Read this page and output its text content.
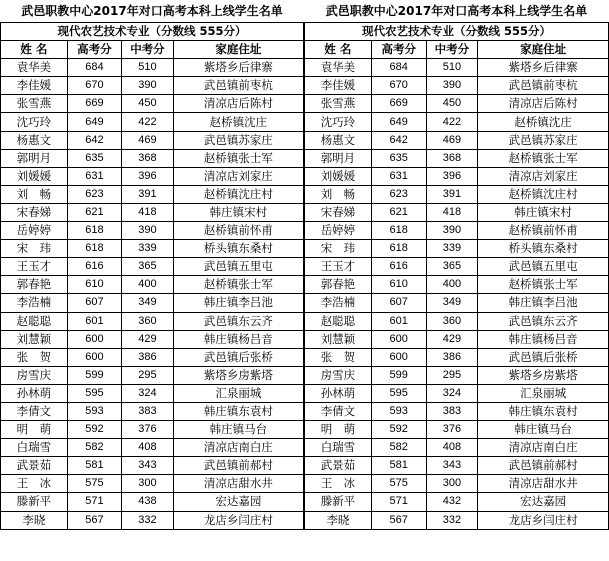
武邑职教中心2017年对口高考本科上线学生名单
现代农艺技术专业（分数线 555分）			
姓 名	高考分	中考分	家庭住址
袁华美	684	510	紫塔乡后律寨
李佳媛	670	390	武邑镇前枣杭
张雪燕	669	450	清凉店后陈村
沈巧玲	649	422	赵桥镇沈庄
杨惠文	642	469	武邑镇苏家庄
郭明月	635	368	赵桥镇张士军
刘媛媛	631	396	清凉店刘家庄
刘　畅	623	391	赵桥镇沈庄村
宋春娣	621	418	韩庄镇宋村
岳婷婷	618	390	赵桥镇前怀甫
宋　玮	618	339	桥头镇东桑村
王玉才	616	365	武邑镇五里屯
郭春艳	610	400	赵桥镇张士军
李浩楠	607	349	韩庄镇李吕池
赵聪聪	601	360	武邑镇东云齐
刘慧颖	600	429	韩庄镇杨吕音
张　贺	600	386	武邑镇后张桥
房雪庆	599	295	紫塔乡房紫塔
孙林萌	595	324	汇泉丽城
李倩文	593	383	韩庄镇东袁村
明　萌	592	376	韩庄镇马台
白瑞雪	582	408	清凉店南白庄
武景茹	581	343	武邑镇前郝村
王　冰	575	300	清凉店甜水井
滕新平	571	438	宏达嘉园
李晓	567	332	龙店乡闫庄村
武邑职教中心2017年对口高考本科上线学生名单
现代农艺技术专业（分数线 555分）			
姓 名	高考分	中考分	家庭住址
袁华美	684	510	紫塔乡后律寨
李佳媛	670	390	武邑镇前枣杭
张雪燕	669	450	清凉店后陈村
沈巧玲	649	422	赵桥镇沈庄
杨惠文	642	469	武邑镇苏家庄
郭明月	635	368	赵桥镇张士军
刘媛媛	631	396	清凉店刘家庄
刘　畅	623	391	赵桥镇沈庄村
宋春娣	621	418	韩庄镇宋村
岳婷婷	618	390	赵桥镇前怀甫
宋　玮	618	339	桥头镇东桑村
王玉才	616	365	武邑镇五里屯
郭春艳	610	400	赵桥镇张士军
李浩楠	607	349	韩庄镇李吕池
赵聪聪	601	360	武邑镇东云齐
刘慧颖	600	429	韩庄镇杨吕音
张　贺	600	386	武邑镇后张桥
房雪庆	599	295	紫塔乡房紫塔
孙林萌	595	324	汇泉丽城
李倩文	593	383	韩庄镇东袁村
明　萌	592	376	韩庄镇马台
白瑞雪	582	408	清凉店南白庄
武景茹	581	343	武邑镇前郝村
王　冰	575	300	清凉店甜水井
滕新平	571	432	宏达嘉园
李晓	567	332	龙店乡闫庄村
